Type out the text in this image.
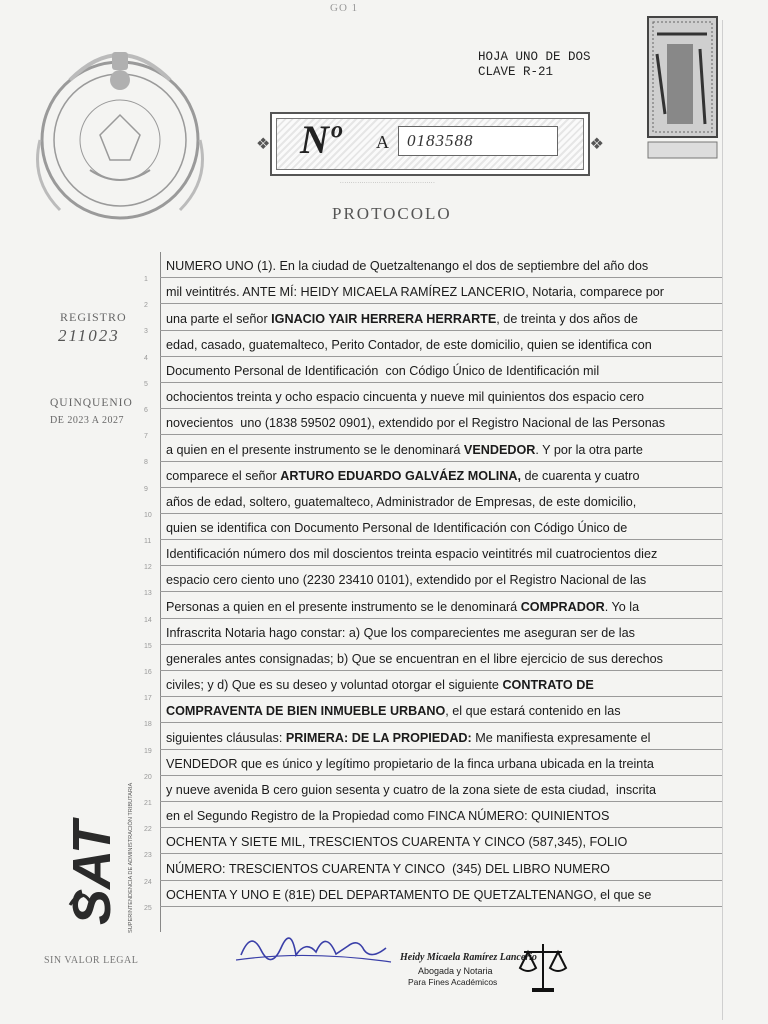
GO 1
HOJA UNO DE DOS
CLAVE R-21
❖	❖
Nº A 0183588
············································
PROTOCOLO
REGISTRO
211023
QUINQUENIO
DE 2023 A 2027
SAT SUPERINTENDENCIA DE ADMINISTRACIÓN TRIBUTARIA
SIN VALOR LEGAL
1
2
3
4
5
6
7
8
9
10
11
12
13
14
15
16
17
18
19
20
21
22
23
24
25
NUMERO UNO (1). En la ciudad de Quetzaltenango el dos de septiembre del año dos
mil veintitrés. ANTE MÍ: HEIDY MICAELA RAMÍREZ LANCERIO, Notaria, comparece por
una parte el señor IGNACIO YAIR HERRERA HERRARTE , de treinta y dos años de
edad, casado, guatemalteco, Perito Contador, de este domicilio, quien se identifica con
Documento Personal de Identificación  con Código Único de Identificación mil
ochocientos treinta y ocho espacio cincuenta y nueve mil quinientos dos espacio cero
novecientos  uno (1838 59502 0901), extendido por el Registro Nacional de las Personas
a quien en el presente instrumento se le denominará VENDEDOR . Y por la otra parte
comparece el señor ARTURO EDUARDO GALVÁEZ MOLINA, de cuarenta y cuatro
años de edad, soltero, guatemalteco, Administrador de Empresas, de este domicilio,
quien se identifica con Documento Personal de Identificación con Código Único de
Identificación número dos mil doscientos treinta espacio veintitrés mil cuatrocientos diez
espacio cero ciento uno (2230 23410 0101), extendido por el Registro Nacional de las
Personas a quien en el presente instrumento se le denominará COMPRADOR . Yo la
Infrascrita Notaria hago constar: a) Que los comparecientes me aseguran ser de las
generales antes consignadas; b) Que se encuentran en el libre ejercicio de sus derechos
civiles; y d) Que es su deseo y voluntad otorgar el siguiente CONTRATO DE
COMPRAVENTA DE BIEN INMUEBLE URBANO , el que estará contenido en las
siguientes cláusulas: PRIMERA: DE LA PROPIEDAD: Me manifiesta expresamente el
VENDEDOR que es único y legítimo propietario de la finca urbana ubicada en la treinta
y nueve avenida B cero guion sesenta y cuatro de la zona siete de esta ciudad,  inscrita
en el Segundo Registro de la Propiedad como FINCA NÚMERO: QUINIENTOS
OCHENTA Y SIETE MIL, TRESCIENTOS CUARENTA Y CINCO (587,345), FOLIO
NÚMERO: TRESCIENTOS CUARENTA Y CINCO  (345) DEL LIBRO NUMERO
OCHENTA Y UNO E (81E) DEL DEPARTAMENTO DE QUETZALTENANGO, el que se
Heidy Micaela Ramírez Lancerio
Abogada y Notaria
Para Fines Académicos
